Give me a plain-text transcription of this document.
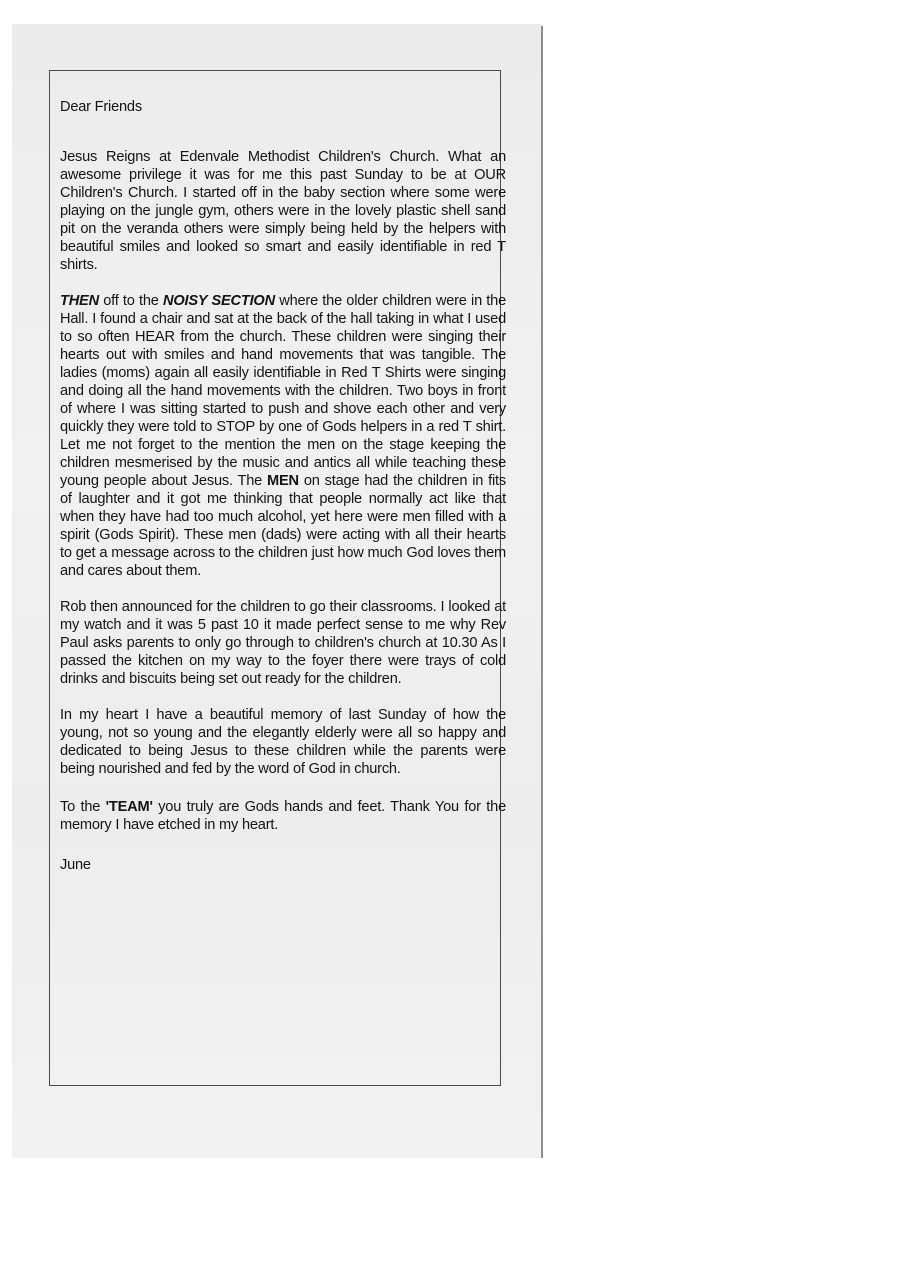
Dear Friends

Jesus Reigns at Edenvale Methodist Children's Church. What an awesome privilege it was for me this past Sunday to be at OUR Children's Church. I started off in the baby section where some were playing on the jungle gym, others were in the lovely plastic shell sand pit on the veranda others were simply being held by the helpers with beautiful smiles and looked so smart and easily identifiable in red T shirts.

THEN off to the NOISY SECTION where the older children were in the Hall. I found a chair and sat at the back of the hall taking in what I used to so often HEAR from the church. These children were singing their hearts out with smiles and hand movements that was tangible. The ladies (moms) again all easily identifiable in Red T Shirts were singing and doing all the hand movements with the children. Two boys in front of where I was sitting started to push and shove each other and very quickly they were told to STOP by one of Gods helpers in a red T shirt. Let me not forget to the mention the men on the stage keeping the children mesmerised by the music and antics all while teaching these young people about Jesus. The MEN on stage had the children in fits of laughter and it got me thinking that people normally act like that when they have had too much alcohol, yet here were men filled with a spirit (Gods Spirit). These men (dads) were acting with all their hearts to get a message across to the children just how much God loves them and cares about them.

Rob then announced for the children to go their classrooms. I looked at my watch and it was 5 past 10 it made perfect sense to me why Rev Paul asks parents to only go through to children's church at 10.30 As I passed the kitchen on my way to the foyer there were trays of cold drinks and biscuits being set out ready for the children.

In my heart I have a beautiful memory of last Sunday of how the young, not so young and the elegantly elderly were all so happy and dedicated to being Jesus to these children while the parents were being nourished and fed by the word of God in church.

To the 'TEAM' you truly are Gods hands and feet. Thank You for the memory I have etched in my heart.

June
